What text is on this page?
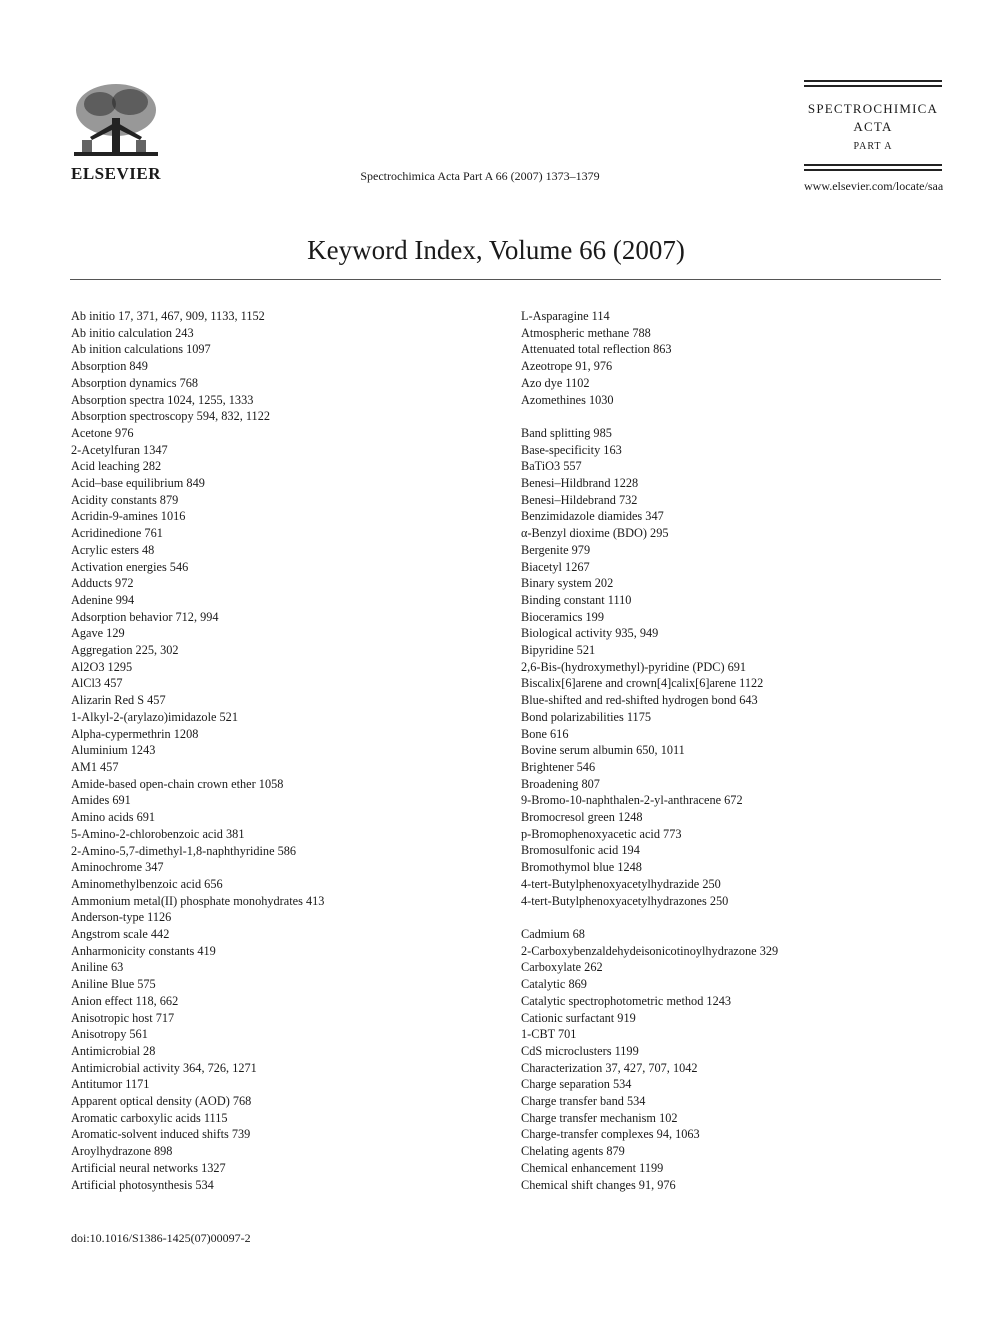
ELSEVIER	Spectrochimica Acta Part A 66 (2007) 1373–1379
SPECTROCHIMICA
ACTA
PART A
www.elsevier.com/locate/saa
Keyword Index, Volume 66 (2007)
Ab initio 17, 371, 467, 909, 1133, 1152
Ab initio calculation 243
Ab inition calculations 1097
Absorption 849
Absorption dynamics 768
Absorption spectra 1024, 1255, 1333
Absorption spectroscopy 594, 832, 1122
Acetone 976
2-Acetylfuran 1347
Acid leaching 282
Acid–base equilibrium 849
Acidity constants 879
Acridin-9-amines 1016
Acridinedione 761
Acrylic esters 48
Activation energies 546
Adducts 972
Adenine 994
Adsorption behavior 712, 994
Agave 129
Aggregation 225, 302
Al2O3 1295
AlCl3 457
Alizarin Red S 457
1-Alkyl-2-(arylazo)imidazole 521
Alpha-cypermethrin 1208
Aluminium 1243
AM1 457
Amide-based open-chain crown ether 1058
Amides 691
Amino acids 691
5-Amino-2-chlorobenzoic acid 381
2-Amino-5,7-dimethyl-1,8-naphthyridine 586
Aminochrome 347
Aminomethylbenzoic acid 656
Ammonium metal(II) phosphate monohydrates 413
Anderson-type 1126
Angstrom scale 442
Anharmonicity constants 419
Aniline 63
Aniline Blue 575
Anion effect 118, 662
Anisotropic host 717
Anisotropy 561
Antimicrobial 28
Antimicrobial activity 364, 726, 1271
Antitumor 1171
Apparent optical density (AOD) 768
Aromatic carboxylic acids 1115
Aromatic-solvent induced shifts 739
Aroylhydrazone 898
Artificial neural networks 1327
Artificial photosynthesis 534
L-Asparagine 114
Atmospheric methane 788
Attenuated total reflection 863
Azeotrope 91, 976
Azo dye 1102
Azomethines 1030
Band splitting 985
Base-specificity 163
BaTiO3 557
Benesi–Hildbrand 1228
Benesi–Hildebrand 732
Benzimidazole diamides 347
α-Benzyl dioxime (BDO) 295
Bergenite 979
Biacetyl 1267
Binary system 202
Binding constant 1110
Bioceramics 199
Biological activity 935, 949
Bipyridine 521
2,6-Bis-(hydroxymethyl)-pyridine (PDC) 691
Biscalix[6]arene and crown[4]calix[6]arene 1122
Blue-shifted and red-shifted hydrogen bond 643
Bond polarizabilities 1175
Bone 616
Bovine serum albumin 650, 1011
Brightener 546
Broadening 807
9-Bromo-10-naphthalen-2-yl-anthracene 672
Bromocresol green 1248
p-Bromophenoxyacetic acid 773
Bromosulfonic acid 194
Bromothymol blue 1248
4-tert-Butylphenoxyacetylhydrazide 250
4-tert-Butylphenoxyacetylhydrazones 250
Cadmium 68
2-Carboxybenzaldehydeisonicotinoylhydrazone 329
Carboxylate 262
Catalytic 869
Catalytic spectrophotometric method 1243
Cationic surfactant 919
1-CBT 701
CdS microclusters 1199
Characterization 37, 427, 707, 1042
Charge separation 534
Charge transfer band 534
Charge transfer mechanism 102
Charge-transfer complexes 94, 1063
Chelating agents 879
Chemical enhancement 1199
Chemical shift changes 91, 976
doi:10.1016/S1386-1425(07)00097-2
